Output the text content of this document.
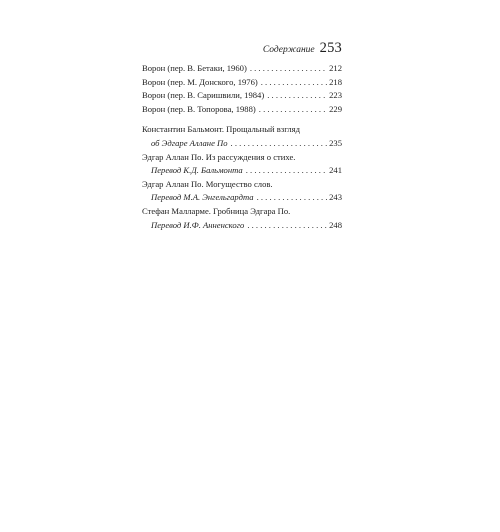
Содержание 253
Ворон (пер. В. Бетаки, 1960) . . .	212
Ворон (пер. М. Донского, 1976) . . .	218
Ворон (пер. В. Саришвили, 1984) . . .	223
Ворон (пер. В. Топорова, 1988) . . .	229
Константин Бальмонт. Прощальный взгляд
об Эдгаре Аллане По . . .	235
Эдгар Аллан По. Из рассуждения о стихе.
Перевод К.Д. Бальмонта . . .	241
Эдгар Аллан По. Могущество слов.
Перевод М.А. Энгельгардта . . .	243
Стефан Малларме. Гробница Эдгара По.
Перевод И.Ф. Анненского . . .	248
